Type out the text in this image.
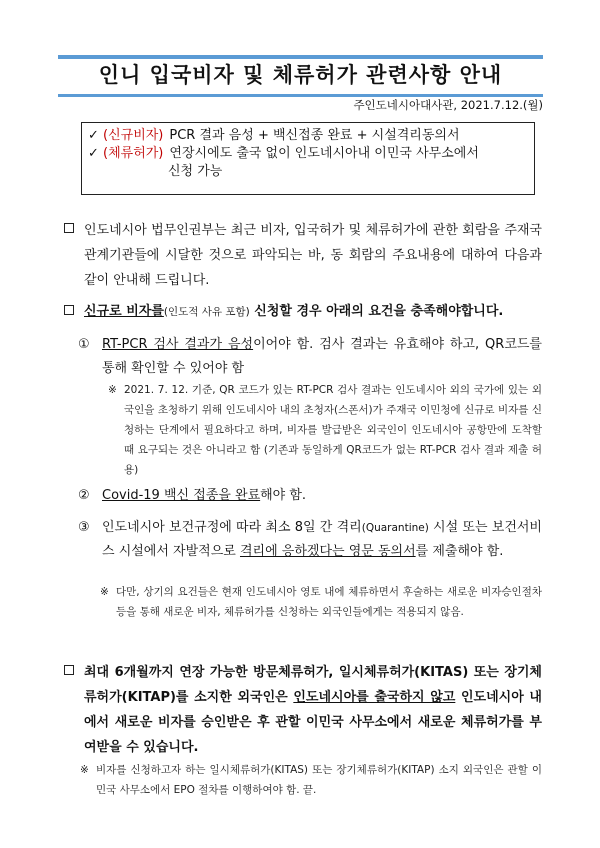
인니 입국비자 및 체류허가 관련사항 안내
주인도네시아대사관, 2021.7.12.(월)
✓ (신규비자) PCR 결과 음성 + 백신접종 완료 + 시설격리동의서
✓ (체류허가) 연장시에도 출국 없이 인도네시아내 이민국 사무소에서
신청 가능
인도네시아 법무인권부는 최근 비자, 입국허가 및 체류허가에 관한 회람을 주재국 관계기관들에 시달한 것으로 파악되는 바, 동 회람의 주요내용에 대하여 다음과 같이 안내해 드립니다.
신규로 비자를(인도적 사유 포함) 신청할 경우 아래의 요건을 충족해야합니다.
① RT-PCR 검사 결과가 음성이어야 함. 검사 결과는 유효해야 하고, QR코드를 통해 확인할 수 있어야 함
※ 2021. 7. 12. 기준, QR 코드가 있는 RT-PCR 검사 결과는 인도네시아 외의 국가에 있는 외국인을 초청하기 위해 인도네시아 내의 초청자(스폰서)가 주재국 이민청에 신규로 비자를 신청하는 단계에서 필요하다고 하며, 비자를 발급받은 외국인이 인도네시아 공항만에 도착할 때 요구되는 것은 아니라고 함 (기존과 동일하게 QR코드가 없는 RT-PCR 검사 결과 제출 허용)
② Covid-19 백신 접종을 완료해야 함.
③ 인도네시아 보건규정에 따라 최소 8일 간 격리(Quarantine) 시설 또는 보건서비스 시설에서 자발적으로 격리에 응하겠다는 영문 동의서를 제출해야 함.
※ 다만, 상기의 요건들은 현재 인도네시아 영토 내에 체류하면서 후술하는 새로운 비자승인절차 등을 통해 새로운 비자, 체류허가를 신청하는 외국인들에게는 적용되지 않음.
최대 6개월까지 연장 가능한 방문체류허가, 일시체류허가(KITAS) 또는 장기체류허가(KITAP)를 소지한 외국인은 인도네시아를 출국하지 않고 인도네시아 내에서 새로운 비자를 승인받은 후 관할 이민국 사무소에서 새로운 체류허가를 부여받을 수 있습니다.
※ 비자를 신청하고자 하는 일시체류허가(KITAS) 또는 장기체류허가(KITAP) 소지 외국인은 관할 이민국 사무소에서 EPO 절차를 이행하여야 함. 끝.
